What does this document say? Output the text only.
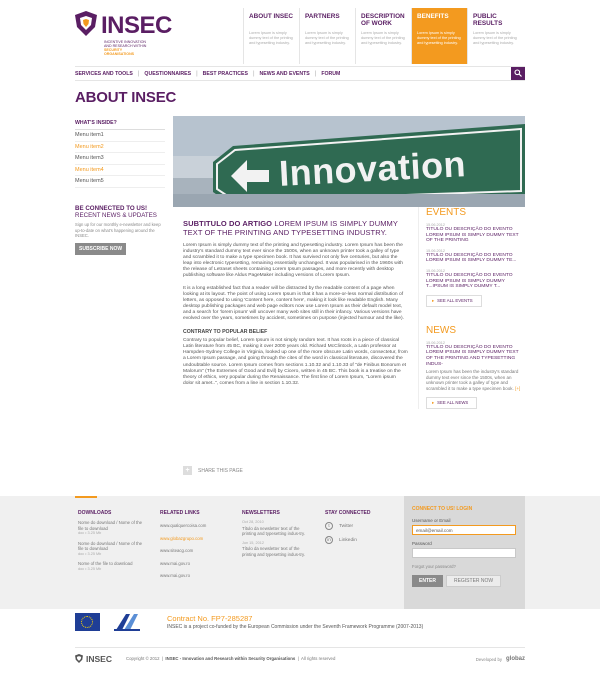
INSEC
INCENTIVE INNOVATION
AND RESEARCH WITHIN
SECURITY
ORGANISATIONS
ABOUT INSEC
Lorem Ipsum is simply dummy text of the printing and typesetting industry.
PARTNERS
Lorem Ipsum is simply dummy text of the printing and typesetting industry.
DESCRIPTION OF WORK
Lorem Ipsum is simply dummy text of the printing and typesetting industry.
BENEFITS
Lorem Ipsum is simply dummy text of the printing and typesetting industry.
PUBLIC RESULTS
Lorem Ipsum is simply dummy text of the printing and typesetting industry.
SERVICES AND TOOLS | QUESTIONNAIRES | BEST PRACTICES | NEWS AND EVENTS | FORUM
ABOUT INSEC
WHAT'S INSIDE?
Menu item1
Menu item2
Menu item3
Menu item4
Menu item5
BE CONNECTED TO US!
RECENT NEWS & UPDATES
Sign up for our monthly e-newsletter and keep up-to-date on what's happening around the INSEC.
SUBSCRIBE NOW
Innovation
SUBTITULO DO ARTIGO LOREM IPSUM IS SIMPLY DUMMY TEXT OF THE PRINTING AND TYPESETTING INDUSTRY.
Lorem Ipsum is simply dummy text of the printing and typesetting industry. Lorem Ipsum has been the industry's standard dummy text ever since the 1500s, when an unknown printer took a galley of type and scrambled it to make a type specimen book. It has survived not only five centuries, but also the leap into electronic typesetting, remaining essentially unchanged. It was popularised in the 1960s with the release of Letraset sheets containing Lorem Ipsum passages, and more recently with desktop publishing software like Aldus PageMaker including versions of Lorem Ipsum.
It is a long established fact that a reader will be distracted by the readable content of a page when looking at its layout. The point of using Lorem Ipsum is that it has a more-or-less normal distribution of letters, as opposed to using 'Content here, content here', making it look like readable English. Many desktop publishing packages and web page editors now use Lorem Ipsum as their default model text, and a search for 'lorem ipsum' will uncover many web sites still in their infancy. Various versions have evolved over the years, sometimes by accident, sometimes on purpose (injected humour and the like).
CONTRARY TO POPULAR BELIEF
Contrary to popular belief, Lorem Ipsum is not simply random text. It has roots in a piece of classical Latin literature from 45 BC, making it over 2000 years old. Richard McClintock, a Latin professor at Hampden-Sydney College in Virginia, looked up one of the more obscure Latin words, consectetur, from a Lorem Ipsum passage, and going through the cites of the word in classical literature, discovered the undoubtable source. Lorem Ipsum comes from sections 1.10.32 and 1.10.33 of "de Finibus Bonorum et Malorum" (The Extremes of Good and Evil) by Cicero, written in 45 BC. This book is a treatise on the theory of ethics, very popular during the Renaissance. The first line of Lorem Ipsum, "Lorem ipsum dolor sit amet..", comes from a line in section 1.10.32.
+	SHARE THIS PAGE
EVENTS
15.06.2012
TITULO OU DESCRIÇÃO DO EVENTO LOREM IPSUM IS SIMPLY DUMMY TEXT OF THE PRINTING
15.06.2012
TITULO OU DESCRIÇÃO DO EVENTO LOREM IPSUM IS SIMPLY DUMMY TE...
15.06.2012
TITULO OU DESCRIÇÃO DO EVENTO LOREM IPSUM IS SIMPLY DUMMY T...IPSUM IS SIMPLY DUMMY T...
▸ SEE ALL EVENTS
NEWS
15.06.2012
TITULO OU DESCRIÇÃO DO EVENTO LOREM IPSUM IS SIMPLY DUMMY TEXT OF THE PRINTING AND TYPESETTING INDUS-
Lorem Ipsum has been the industry's standard dummy text ever since the 1500s, when an unknown printer took a galley of type and scrambled it to make a type specimen book. [+]
▸ SEE ALL NEWS
DOWNLOADS
Nome do download / Nome of the file to download
doc • 3.25 Mb
Nome do download / Nome of the file to download
doc • 3.25 Mb
Nome of the file to download
doc • 3.25 Mb
RELATED LINKS
www.qualquercoisa.com
www.globazgrupo.com
www.siteacg.com
www.mai.gov.ro
www.mai.gov.ro
NEWSLETTERS
Oct 28, 2010
Título da newsletter text of the printing and typesetting indus-try.
Jun 15, 2012
Título da newsletter text of the printing and typesetting indus-try.
STAY CONNECTED
t	Twitter
in	Linkedin
CONNECT TO US! LOGIN
Username or Email
email@email.com
Password
Forgot your password?
ENTER	REGISTER NOW
Contract No. FP7-285287
INSEC is a project co-funded by the European Commission under the Seventh Framework Programme (2007-2013)
INSEC	Copyright © 2012  |  INSEC - Innovation and Research within Security Organisations  |  All rights reserved	Developed by globaz
